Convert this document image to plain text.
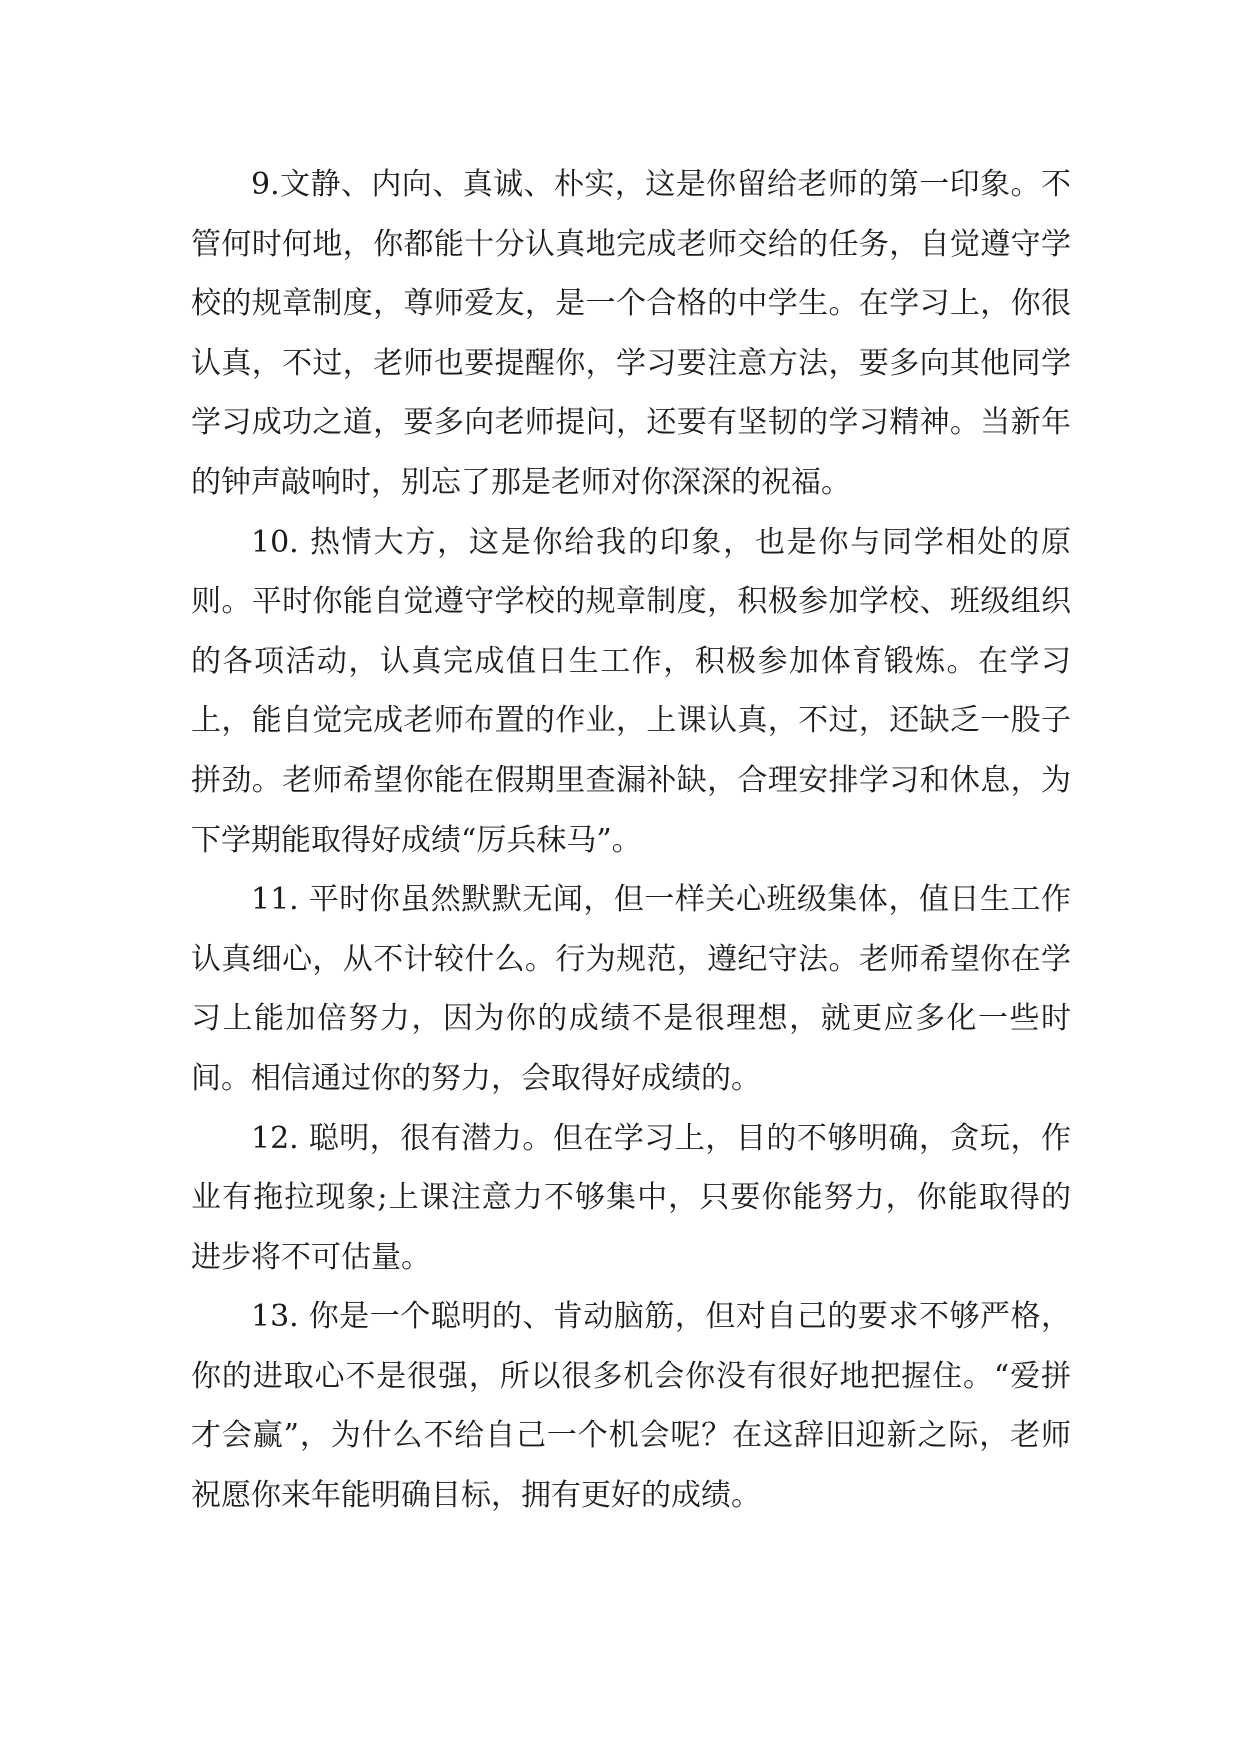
9.文静、内向、真诚、朴实，这是你留给老师的第一印象。不管何时何地，你都能十分认真地完成老师交给的任务，自觉遵守学校的规章制度，尊师爱友，是一个合格的中学生。在学习上，你很认真，不过，老师也要提醒你，学习要注意方法，要多向其他同学学习成功之道，要多向老师提问，还要有坚韧的学习精神。当新年的钟声敲响时，别忘了那是老师对你深深的祝福。

10. 热情大方，这是你给我的印象，也是你与同学相处的原则。平时你能自觉遵守学校的规章制度，积极参加学校、班级组织的各项活动，认真完成值日生工作，积极参加体育锻炼。在学习上，能自觉完成老师布置的作业，上课认真，不过，还缺乏一股子拼劲。老师希望你能在假期里查漏补缺，合理安排学习和休息，为下学期能取得好成绩“厉兵秣马”。

11. 平时你虽然默默无闻，但一样关心班级集体，值日生工作认真细心，从不计较什么。行为规范，遵纪守法。老师希望你在学习上能加倍努力，因为你的成绩不是很理想，就更应多化一些时间。相信通过你的努力，会取得好成绩的。

12. 聪明，很有潜力。但在学习上，目的不够明确，贪玩，作业有拖拉现象;上课注意力不够集中，只要你能努力，你能取得的进步将不可估量。

13. 你是一个聪明的、肯动脑筋，但对自己的要求不够严格，你的进取心不是很强，所以很多机会你没有很好地把握住。“爱拼才会赢”，为什么不给自己一个机会呢？在这辞旧迎新之际，老师祝愿你来年能明确目标，拥有更好的成绩。
